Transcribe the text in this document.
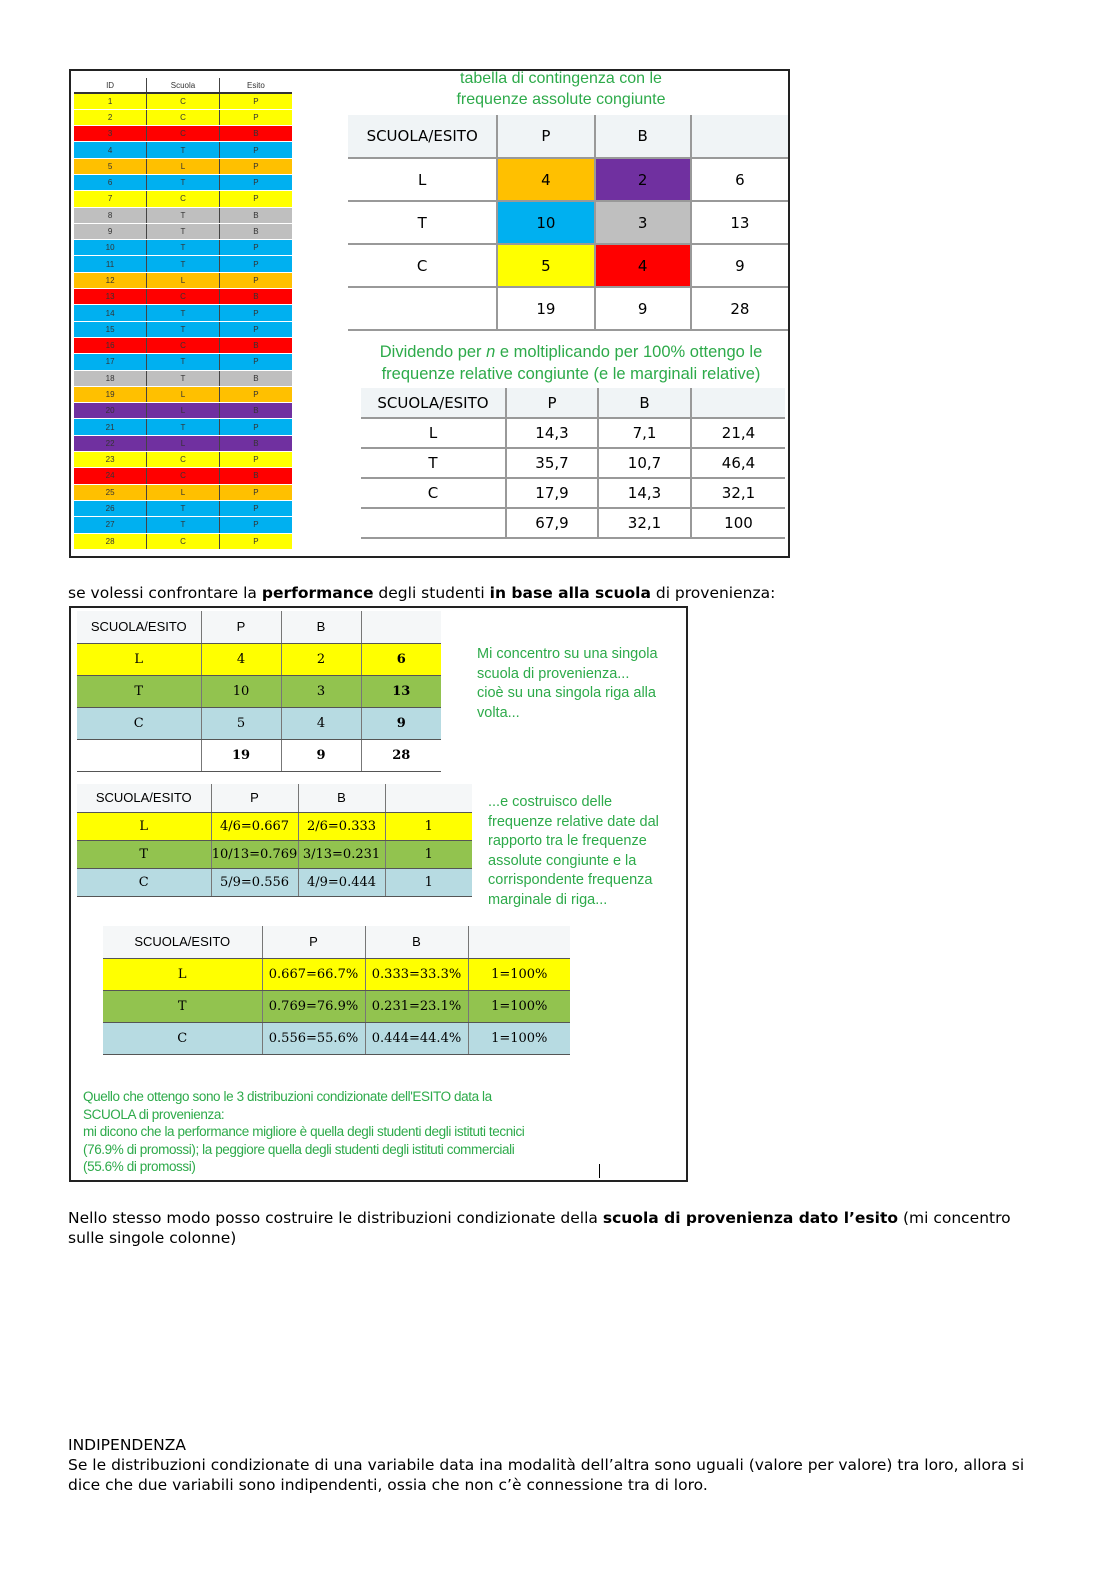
ID	Scuola	Esito
1	C	P
2	C	P
3	C	B
4	T	P
5	L	P
6	T	P
7	C	P
8	T	B
9	T	B
10	T	P
11	T	P
12	L	P
13	C	B
14	T	P
15	T	P
16	C	B
17	T	P
18	T	B
19	L	P
20	L	B
21	T	P
22	L	B
23	C	P
24	C	B
25	L	P
26	T	P
27	T	P
28	C	P
tabella di contingenza con le
frequenze assolute congiunte
SCUOLA/ESITO	P	B	
L	4	2	6
T	10	3	13
C	5	4	9
	19	9	28
Dividendo per n e moltiplicando per 100% ottengo le
frequenze relative congiunte (e le marginali relative)
SCUOLA/ESITO	P	B	
L	14,3	7,1	21,4
T	35,7	10,7	46,4
C	17,9	14,3	32,1
	67,9	32,1	100
se volessi confrontare la performance degli studenti in base alla scuola di provenienza:
SCUOLA/ESITO	P	B	
L	4	2	6
T	10	3	13
C	5	4	9
	19	9	28
Mi concentro su una singola
scuola di provenienza...
cioè su una singola riga alla
volta...
SCUOLA/ESITO	P	B	
L	4/6=0.667	2/6=0.333	1
T	10/13=0.769	3/13=0.231	1
C	5/9=0.556	4/9=0.444	1
...e costruisco delle
frequenze relative date dal
rapporto tra le frequenze
assolute congiunte e la
corrispondente frequenza
marginale di riga...
SCUOLA/ESITO	P	B	
L	0.667=66.7%	0.333=33.3%	1=100%
T	0.769=76.9%	0.231=23.1%	1=100%
C	0.556=55.6%	0.444=44.4%	1=100%
Quello che ottengo sono le 3 distribuzioni condizionate dell'ESITO data la
SCUOLA di provenienza:
mi dicono che la performance migliore è quella degli studenti degli istituti tecnici
(76.9% di promossi); la peggiore quella degli studenti degli istituti commerciali
(55.6% di promossi)
Nello stesso modo posso costruire le distribuzioni condizionate della scuola di provenienza dato l’esito (mi concentro sulle singole colonne)
INDIPENDENZA
Se le distribuzioni condizionate di una variabile data ina modalità dell’altra sono uguali (valore per valore) tra loro, allora si dice che due variabili sono indipendenti, ossia che non c’è connessione tra di loro.
